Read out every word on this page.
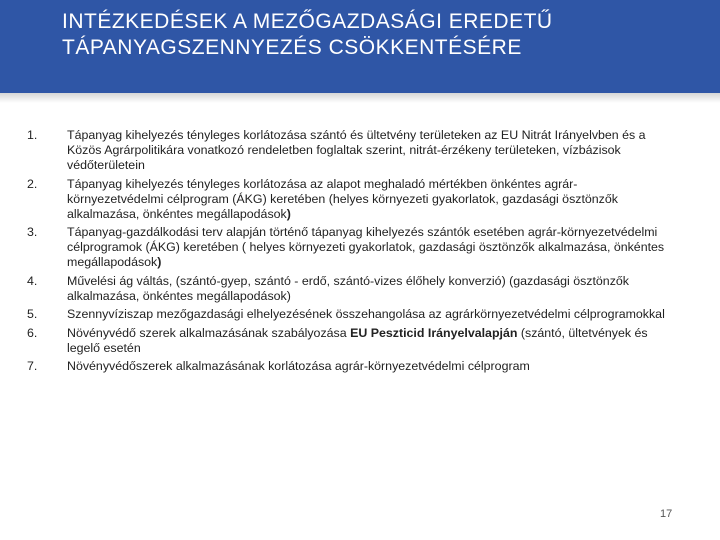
INTÉZKEDÉSEK A MEZŐGAZDASÁGI EREDETŰ
TÁPANYAGSZENNYEZÉS CSÖKKENTÉSÉRE
1.	Tápanyag kihelyezés tényleges korlátozása szántó és ültetvény területeken az EU Nitrát Irányelvben és a Közös Agrárpolitikára vonatkozó rendeletben foglaltak szerint, nitrát-érzékeny területeken, vízbázisok védőterületein
2.	Tápanyag kihelyezés tényleges korlátozása az alapot meghaladó mértékben önkéntes agrár-környezetvédelmi célprogram (ÁKG) keretében (helyes környezeti gyakorlatok, gazdasági ösztönzők alkalmazása, önkéntes megállapodások)
3.	Tápanyag-gazdálkodási terv alapján történő tápanyag kihelyezés szántók esetében agrár-környezetvédelmi célprogramok (ÁKG) keretében ( helyes környezeti gyakorlatok, gazdasági ösztönzők alkalmazása, önkéntes megállapodások)
4.	Művelési ág váltás, (szántó-gyep, szántó - erdő, szántó-vizes élőhely konverzió) (gazdasági ösztönzők alkalmazása, önkéntes megállapodások)
5.	Szennyvíziszap mezőgazdasági elhelyezésének összehangolása az agrárkörnyezetvédelmi célprogramokkal
6.	Növényvédő szerek alkalmazásának szabályozása EU Peszticid Irányelvalapján (szántó, ültetvények és legelő esetén
7.	Növényvédőszerek alkalmazásának korlátozása agrár-környezetvédelmi célprogram
17
